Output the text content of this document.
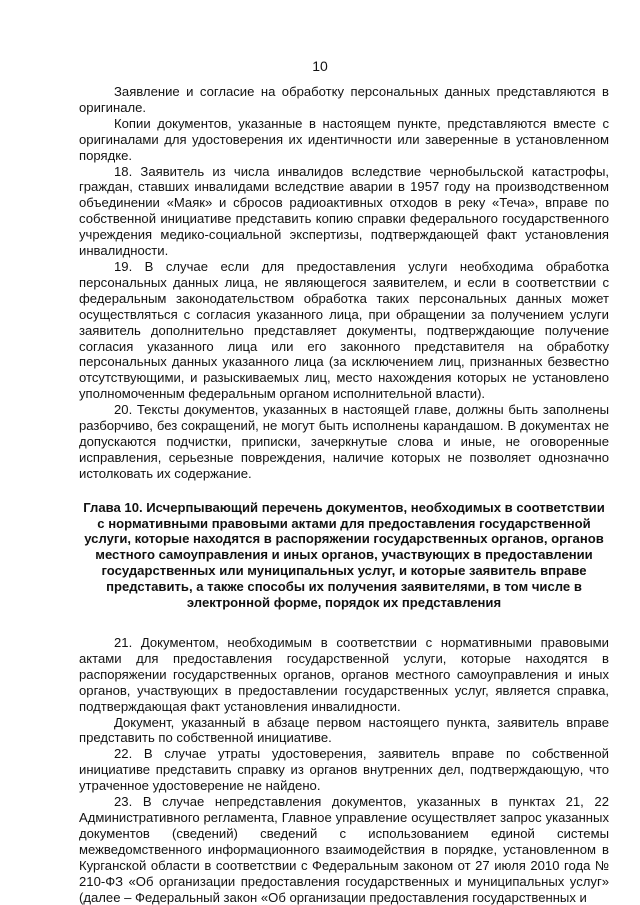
10

Заявление и согласие на обработку персональных данных представляются в оригинале.

Копии документов, указанные в настоящем пункте, представляются вместе с оригиналами для удостоверения их идентичности или заверенные в установленном порядке.

18. Заявитель из числа инвалидов вследствие чернобыльской катастрофы, граждан, ставших инвалидами вследствие аварии в 1957 году на производственном объединении «Маяк» и сбросов радиоактивных отходов в реку «Теча», вправе по собственной инициативе представить копию справки федерального государственного учреждения медико-социальной экспертизы, подтверждающей факт установления инвалидности.

19. В случае если для предоставления услуги необходима обработка персональных данных лица, не являющегося заявителем, и если в соответствии с федеральным законодательством обработка таких персональных данных может осуществляться с согласия указанного лица, при обращении за получением услуги заявитель дополнительно представляет документы, подтверждающие получение согласия указанного лица или его законного представителя на обработку персональных данных указанного лица (за исключением лиц, признанных безвестно отсутствующими, и разыскиваемых лиц, место нахождения которых не установлено уполномоченным федеральным органом исполнительной власти).

20. Тексты документов, указанных в настоящей главе, должны быть заполнены разборчиво, без сокращений, не могут быть исполнены карандашом. В документах не допускаются подчистки, приписки, зачеркнутые слова и иные, не оговоренные исправления, серьезные повреждения, наличие которых не позволяет однозначно истолковать их содержание.

Глава 10. Исчерпывающий перечень документов, необходимых в соответствии с нормативными правовыми актами для предоставления государственной услуги, которые находятся в распоряжении государственных органов, органов местного самоуправления и иных органов, участвующих в предоставлении государственных или муниципальных услуг, и которые заявитель вправе представить, а также способы их получения заявителями, в том числе в электронной форме, порядок их представления

21. Документом, необходимым в соответствии с нормативными правовыми актами для предоставления государственной услуги, которые находятся в распоряжении государственных органов, органов местного самоуправления и иных органов, участвующих в предоставлении государственных услуг, является справка, подтверждающая факт установления инвалидности.

Документ, указанный в абзаце первом настоящего пункта, заявитель вправе представить по собственной инициативе.

22. В случае утраты удостоверения, заявитель вправе по собственной инициативе представить справку из органов внутренних дел, подтверждающую, что утраченное удостоверение не найдено.

23. В случае непредставления документов, указанных в пунктах 21, 22 Административного регламента, Главное управление осуществляет запрос указанных документов (сведений) сведений с использованием единой системы межведомственного информационного взаимодействия в порядке, установленном в Курганской области в соответствии с Федеральным законом от 27 июля 2010 года № 210-ФЗ «Об организации предоставления государственных и муниципальных услуг» (далее – Федеральный закон «Об организации предоставления государственных и
